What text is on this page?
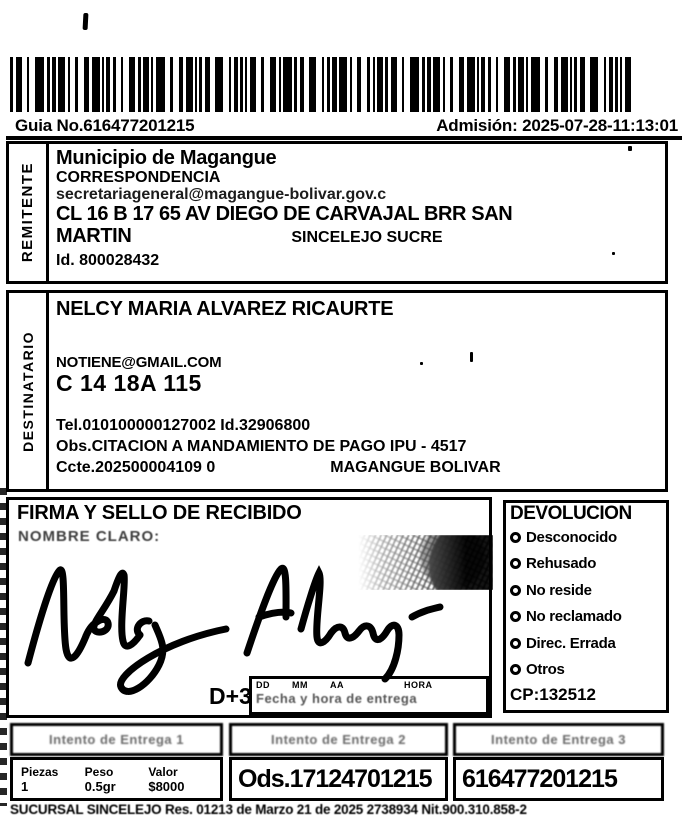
Guia No.616477201215	Admisión: 2025-07-28-11:13:01
REMITENTE
Municipio de Magangue
CORRESPONDENCIA
secretariageneral@magangue-bolivar.gov.c
CL 16 B 17 65 AV DIEGO DE CARVAJAL BRR SAN
MARTIN	SINCELEJO SUCRE
Id. 800028432
DESTINATARIO
NELCY MARIA ALVAREZ RICAURTE
NOTIENE@GMAIL.COM
C 14 18A 115
Tel.010100000127002 Id.32906800
Obs.CITACION A MANDAMIENTO DE PAGO IPU - 4517
Ccte.202500004109 0	MAGANGUE BOLIVAR
FIRMA Y SELLO DE RECIBIDO
NOMBRE CLARO:
D+3 DD MM AA	HORA
Fecha y hora de entrega
DEVOLUCION
Desconocido
Rehusado
No reside
No reclamado
Direc. Errada
Otros
CP:132512
Intento de Entrega 1	Intento de Entrega 2	Intento de Entrega 3
Piezas	Peso	Valor
1	0.5gr	$8000	Ods.17124701215 616477201215
SUCURSAL SINCELEJO Res. 01213 de Marzo 21 de 2025 2738934 Nit.900.310.858-2
